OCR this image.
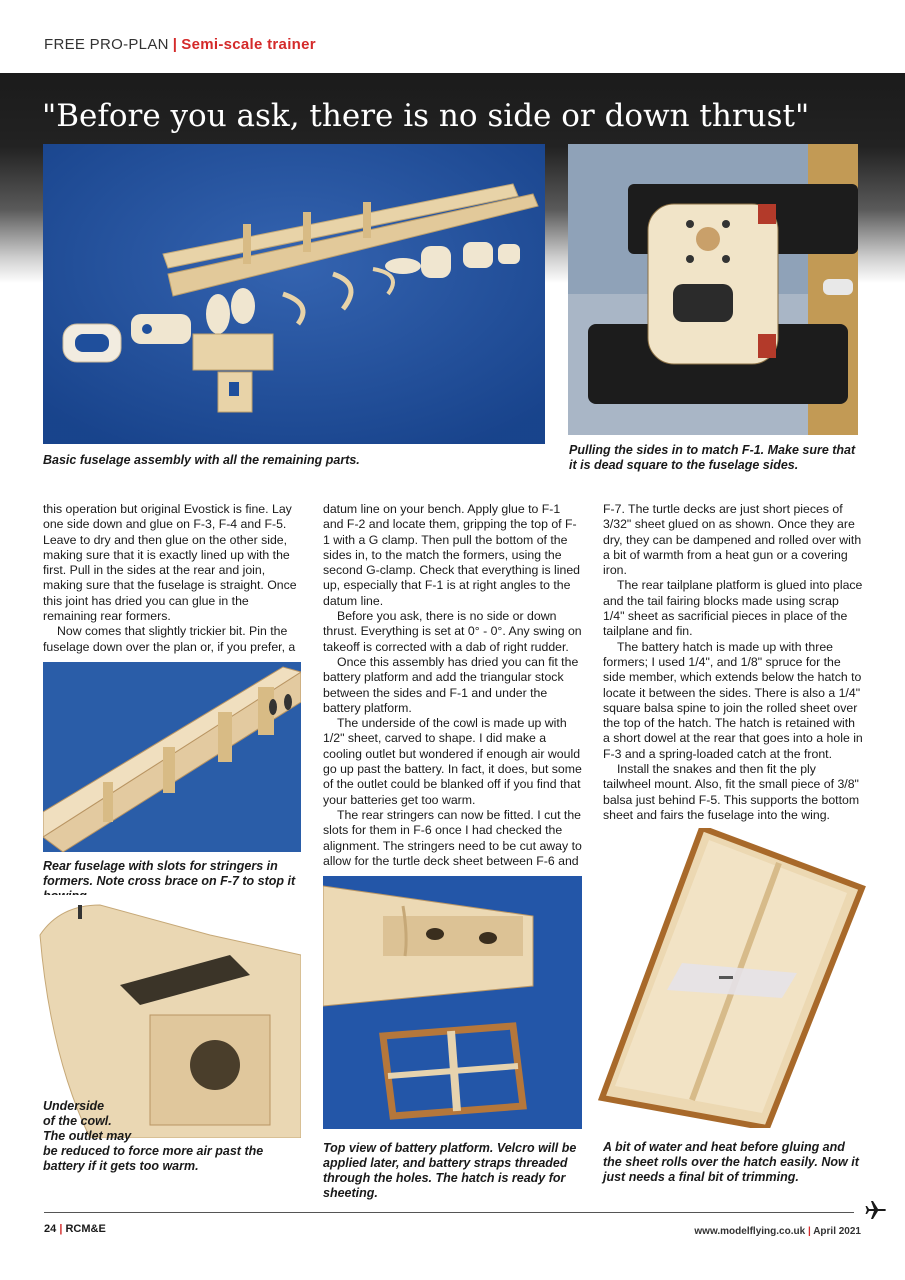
FREE PRO-PLAN | Semi-scale trainer
"Before you ask, there is no side or down thrust"
Basic fuselage assembly with all the remaining parts.
Pulling the sides in to match F-1. Make sure that it is dead square to the fuselage sides.

this operation but original Evostick is fine. Lay one side down and glue on F-3, F-4 and F-5. Leave to dry and then glue on the other side, making sure that it is exactly lined up with the first. Pull in the sides at the rear and join, making sure that the fuselage is straight. Once this joint has dried you can glue in the remaining rear formers.

Now comes that slightly trickier bit. Pin the fuselage down over the plan or, if you prefer, a

Rear fuselage with slots for stringers in formers. Note cross brace on F-7 to stop it
Underside
of the cowl.
The outlet may
be reduced to force more air past the battery if it gets too warm.

datum line on your bench. Apply glue to F-1 and F-2 and locate them, gripping the top of F-1 with a G clamp. Then pull the bottom of the sides in, to the match the formers, using the second G-clamp. Check that everything is lined up, especially that F-1 is at right angles to the datum line.

Before you ask, there is no side or down thrust. Everything is set at 0° - 0°. Any swing on takeoff is corrected with a dab of right rudder.

Once this assembly has dried you can fit the battery platform and add the triangular stock between the sides and F-1 and under the battery platform.

The underside of the cowl is made up with 1/2" sheet, carved to shape. I did make a cooling outlet but wondered if enough air would go up past the battery. In fact, it does, but some of the outlet could be blanked off if you find that your batteries get too warm.

The rear stringers can now be fitted. I cut the slots for them in F-6 once I had checked the alignment. The stringers need to be cut away to allow for the turtle deck sheet between F-6 and

Top view of battery platform. Velcro will be applied later, and battery straps threaded through the holes. The hatch is ready for sheeting.

F-7. The turtle decks are just short pieces of 3/32" sheet glued on as shown. Once they are dry, they can be dampened and rolled over with a bit of warmth from a heat gun or a covering iron.

The rear tailplane platform is glued into place and the tail fairing blocks made using scrap 1/4" sheet as sacrificial pieces in place of the tailplane and fin.

The battery hatch is made up with three formers; I used 1/4", and 1/8" spruce for the side member, which extends below the hatch to locate it between the sides. There is also a 1/4" square balsa spine to join the rolled sheet over the top of the hatch. The hatch is retained with a short dowel at the rear that goes into a hole in F-3 and a spring-loaded catch at the front.

Install the snakes and then fit the ply tailwheel mount. Also, fit the small piece of 3/8" balsa just behind F-5. This supports the bottom sheet and fairs the fuselage into the wing.

A bit of water and heat before gluing and the sheet rolls over the hatch easily. Now it just needs a final bit of trimming.
24 | RCM&E	www.modelflying.co.uk | April 2021
